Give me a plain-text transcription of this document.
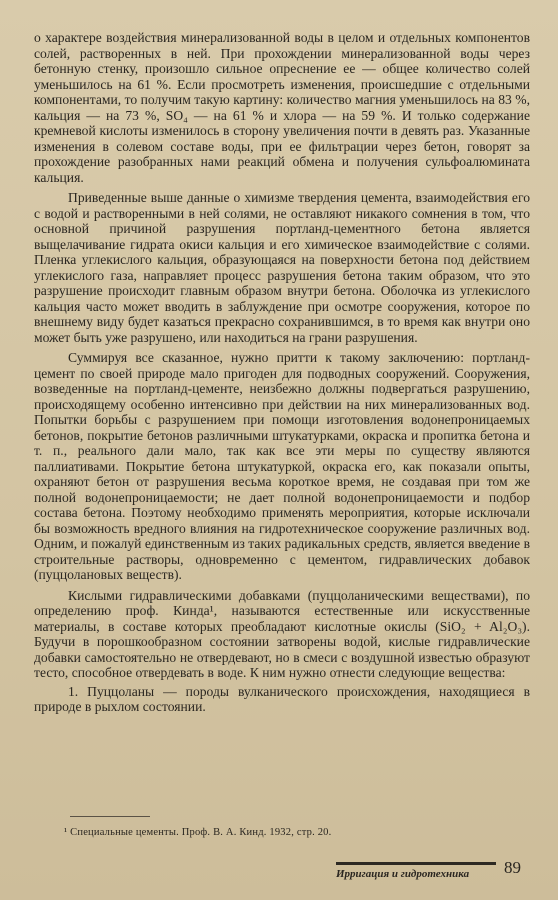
о характере воздействия минерализованной воды в целом и отдельных компонентов солей, растворенных в ней. При прохождении минерализованной воды через бетонную стенку, произошло сильное опреснение ее — общее количество солей уменьшилось на 61 %. Если просмотреть изменения, происшедшие с отдельными компонентами, то получим такую картину: количество магния уменьшилось на 83 %, кальция — на 73 %, SO₄ — на 61 % и хлора — на 59 %. И только содержание кремневой кислоты изменилось в сторону увеличения почти в девять раз. Указанные изменения в солевом составе воды, при ее фильтрации через бетон, говорят за прохождение разобранных нами реакций обмена и получения сульфоалюмината кальция.

Приведенные выше данные о химизме твердения цемента, взаимодействия его с водой и растворенными в ней солями, не оставляют никакого сомнения в том, что основной причиной разрушения портланд-цементного бетона является выщелачивание гидрата окиси кальция и его химическое взаимодействие с солями. Пленка углекислого кальция, образующаяся на поверхности бетона под действием углекислого газа, направляет процесс разрушения бетона таким образом, что это разрушение происходит главным образом внутри бетона. Оболочка из углекислого кальция часто может вводить в заблуждение при осмотре сооружения, которое по внешнему виду будет казаться прекрасно сохранившимся, в то время как внутри оно может быть уже разрушено, или находиться на грани разрушения.

Суммируя все сказанное, нужно притти к такому заключению: портланд-цемент по своей природе мало пригоден для подводных сооружений. Сооружения, возведенные на портланд-цементе, неизбежно должны подвергаться разрушению, происходящему особенно интенсивно при действии на них минерализованных вод. Попытки борьбы с разрушением при помощи изготовления водонепроницаемых бетонов, покрытие бетонов различными штукатурками, окраска и пропитка бетона и т. п., реального дали мало, так как все эти меры по существу являются паллиативами. Покрытие бетона штукатуркой, окраска его, как показали опыты, охраняют бетон от разрушения весьма короткое время, не создавая при том же полной водонепроницаемости; не дает полной водонепроницаемости и подбор состава бетона. Поэтому необходимо применять мероприятия, которые исключали бы возможность вредного влияния на гидротехническое сооружение различных вод. Одним, и пожалуй единственным из таких радикальных средств, является введение в строительные растворы, одновременно с цементом, гидравлических добавок (пуццолановых веществ).

Кислыми гидравлическими добавками (пуццоланическими веществами), по определению проф. Кинда¹, называются естественные или искусственные материалы, в составе которых преобладают кислотные окислы (SiO₂ + Al₂O₃). Будучи в порошкообразном состоянии затворены водой, кислые гидравлические добавки самостоятельно не отвердевают, но в смеси с воздушной известью образуют тесто, способное отвердевать в воде. К ним нужно отнести следующие вещества:

1. Пуццоланы — породы вулканического происхождения, находящиеся в природе в рыхлом состоянии.

¹ Специальные цементы. Проф. В. А. Кинд. 1932, стр. 20.
Ирригация и гидротехника	89
